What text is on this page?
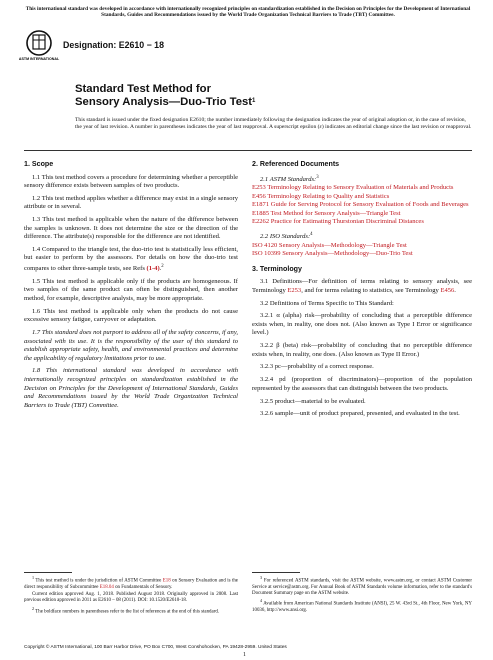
This international standard was developed in accordance with internationally recognized principles on standardization established in the Decision on Principles for the Development of International Standards, Guides and Recommendations issued by the World Trade Organization Technical Barriers to Trade (TBT) Committee.
ASTM INTERNATIONAL
Designation: E2610 − 18
Standard Test Method for
Sensory Analysis—Duo-Trio Test$^1$
This standard is issued under the fixed designation E2610; the number immediately following the designation indicates the year of original adoption or, in the case of revision, the year of last revision. A number in parentheses indicates the year of last reapproval. A superscript epsilon (ε) indicates an editorial change since the last revision or reapproval.
1. Scope

1.1 This test method covers a procedure for determining whether a perceptible sensory difference exists between samples of two products.

1.2 This test method applies whether a difference may exist in a single sensory attribute or in several.

1.3 This test method is applicable when the nature of the difference between the samples is unknown. It does not determine the size or the direction of the difference. The attribute(s) responsible for the difference are not identified.

1.4 Compared to the triangle test, the duo-trio test is statistically less efficient, but easier to perform by the assessors. For details on how the duo-trio test compares to other three-sample tests, see Refs (1-4).$^2$

1.5 This test method is applicable only if the products are homogeneous. If two samples of the same product can often be distinguished, then another method, for example, descriptive analysis, may be more appropriate.

1.6 This test method is applicable only when the products do not cause excessive sensory fatigue, carryover or adaptation.

1.7 This standard does not purport to address all of the safety concerns, if any, associated with its use. It is the responsibility of the user of this standard to establish appropriate safety, health, and environmental practices and determine the applicability of regulatory limitations prior to use.

1.8 This international standard was developed in accordance with internationally recognized principles on standardization established in the Decision on Principles for the Development of International Standards, Guides and Recommendations issued by the World Trade Organization Technical Barriers to Trade (TBT) Committee.

2. Referenced Documents

2.1 ASTM Standards:$^3$

E253 Terminology Relating to Sensory Evaluation of Materials and Products

E456 Terminology Relating to Quality and Statistics

E1871 Guide for Serving Protocol for Sensory Evaluation of Foods and Beverages

E1885 Test Method for Sensory Analysis—Triangle Test

E2262 Practice for Estimating Thurstonian Discriminal Distances

2.2 ISO Standards:$^4$

ISO 4120 Sensory Analysis—Methodology—Triangle Test

ISO 10399 Sensory Analysis—Methodology—Duo-Trio Test

3. Terminology

3.1 Definitions—For definition of terms relating to sensory analysis, see Terminology E253, and for terms relating to statistics, see Terminology E456.

3.2 Definitions of Terms Specific to This Standard:

3.2.1 α (alpha) risk—probability of concluding that a perceptible difference exists when, in reality, one does not. (Also known as Type I Error or significance level.)

3.2.2 β (beta) risk—probability of concluding that no perceptible difference exists when, in reality, one does. (Also known as Type II Error.)

3.2.3 pc—probability of a correct response.

3.2.4 pd (proportion of discriminators)—proportion of the population represented by the assessors that can distinguish between the two products.

3.2.5 product—material to be evaluated.

3.2.6 sample—unit of product prepared, presented, and evaluated in the test.

$^1$ This test method is under the jurisdiction of ASTM Committee E18 on Sensory Evaluation and is the direct responsibility of Subcommittee E18.04 on Fundamentals of Sensory.

Current edition approved Aug. 1, 2018. Published August 2018. Originally approved in 2008. Last previous edition approved in 2011 as E2610 – 08 (2011). DOI: 10.1520/E2610-18.

$^2$ The boldface numbers in parentheses refer to the list of references at the end of this standard.

$^3$ For referenced ASTM standards, visit the ASTM website, www.astm.org, or contact ASTM Customer Service at service@astm.org. For Annual Book of ASTM Standards volume information, refer to the standard's Document Summary page on the ASTM website.

$^4$ Available from American National Standards Institute (ANSI), 25 W. 43rd St., 4th Floor, New York, NY 10036, http://www.ansi.org.

Copyright © ASTM International, 100 Barr Harbor Drive, PO Box C700, West Conshohocken, PA 19428-2959. United States
1
